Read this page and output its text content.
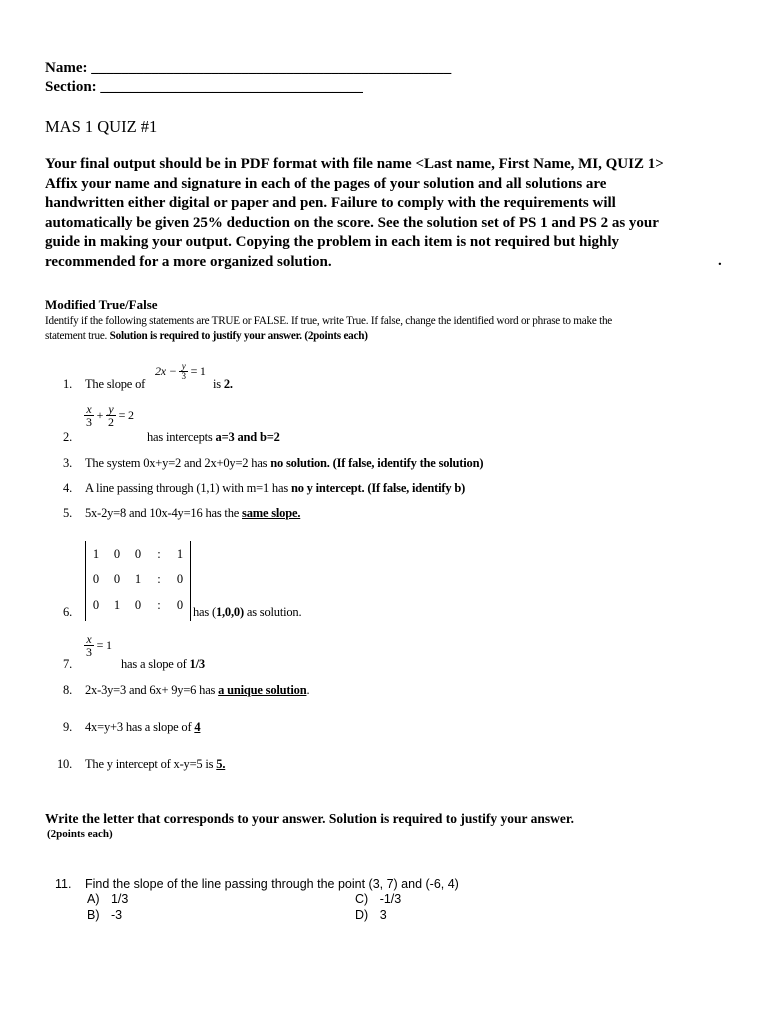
Name: ________________________________________________
Section: ___________________________________
MAS 1 QUIZ #1
Your final output should be in PDF format with file name <Last name, First Name, MI, QUIZ 1>
Affix your name and signature in each of the pages of your solution and all solutions are
handwritten either digital or paper and pen. Failure to comply with the requirements will
automatically be given 25% deduction on the score. See the solution set of PS 1 and PS 2 as your
guide in making your output. Copying the problem in each item is not required but highly
recommended for a more organized solution.	.
Modified True/False
Identify if the following statements are TRUE or FALSE. If true, write True. If false, change the identified word or phrase to make the
statement true. Solution is required to justify your answer. (2points each)
1. The slope of
$2x - \frac{y}{3} = 1$
is 2.
2.
$\frac{x}{3} + \frac{y}{2} = 2$
has intercepts a=3 and b=2
3. The system 0x+y=2 and 2x+0y=2 has no solution. (If false, identify the solution)
4. A line passing through (1,1) with m=1 has no y intercept. (If false, identify b)
5. 5x-2y=8 and 10x-4y=16 has the same slope.
6.
1	0	0	:	1
0	0	1	:	0
0	1	0	:	0 has (1,0,0) as solution.
7.
$\frac{x}{3} = 1$
has a slope of 1/3
8. 2x-3y=3 and 6x+ 9y=6 has a unique solution.
9. 4x=y+3 has a slope of 4
10. The y intercept of x-y=5 is 5.
Write the letter that corresponds to your answer. Solution is required to justify your answer.
(2points each)
11. Find the slope of the line passing through the point (3, 7) and (-6, 4)
A) 1/3
B) -3
C) -1/3
D) 3
